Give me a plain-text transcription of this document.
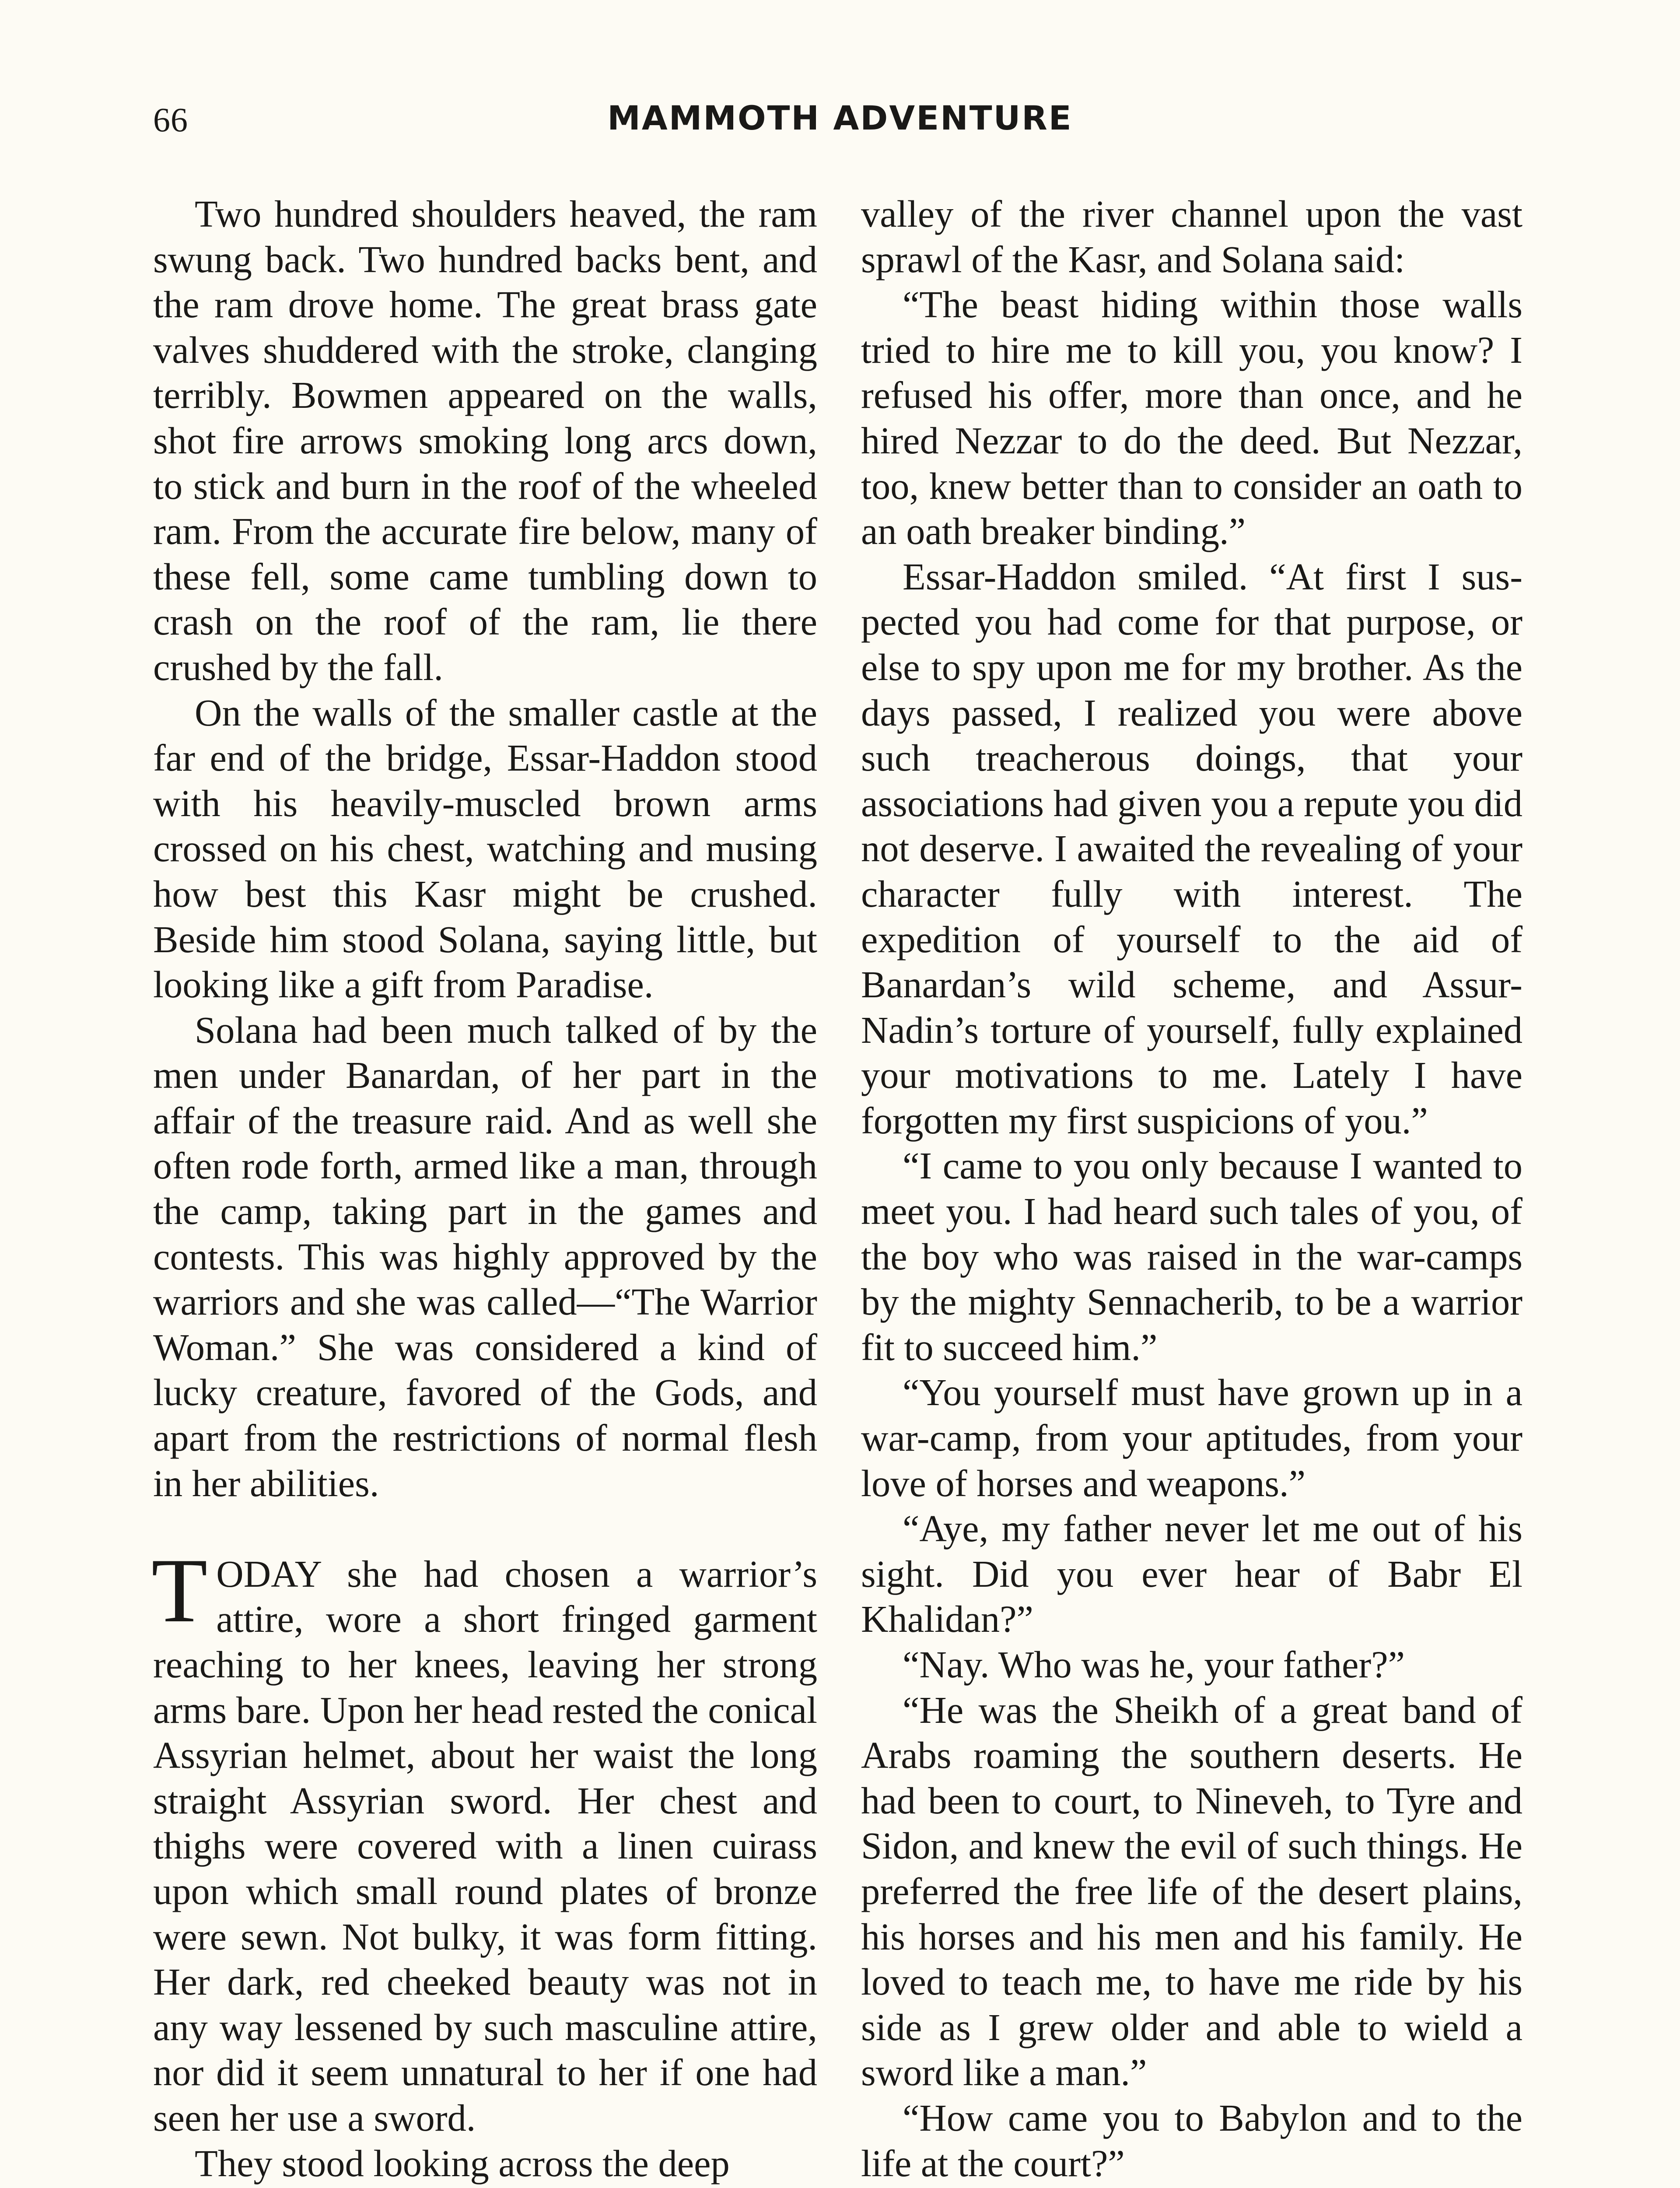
66	MAMMOTH ADVENTURE

Two hundred shoulders heaved, the ram swung back. Two hundred backs bent, and the ram drove home. The great brass gate valves shuddered with the stroke, clanging terribly. Bowmen appeared on the walls, shot fire arrows smoking long arcs down, to stick and burn in the roof of the wheeled ram. From the accurate fire below, many of these fell, some came tumbling down to crash on the roof of the ram, lie there crushed by the fall.

On the walls of the smaller castle at the far end of the bridge, Essar-Haddon stood with his heavily-muscled brown arms crossed on his chest, watching and musing how best this Kasr might be crushed. Beside him stood Solana, saying little, but looking like a gift from Paradise.

Solana had been much talked of by the men under Banardan, of her part in the affair of the treasure raid. And as well she often rode forth, armed like a man, through the camp, taking part in the games and contests. This was highly approved by the warriors and she was called—“The Warrior Woman.” She was considered a kind of lucky creature, favored of the Gods, and apart from the restrictions of normal flesh in her abilities.

TODAY she had chosen a warrior’s attire, wore a short fringed garment reaching to her knees, leaving her strong arms bare. Upon her head rested the conical Assyrian helmet, about her waist the long straight Assyrian sword. Her chest and thighs were covered with a linen cuirass upon which small round plates of bronze were sewn. Not bulky, it was form fitting. Her dark, red cheeked beauty was not in any way lessened by such masculine attire, nor did it seem unnatural to her if one had seen her use a sword.

They stood looking across the deep

valley of the river channel upon the vast sprawl of the Kasr, and Solana said:

“The beast hiding within those walls tried to hire me to kill you, you know? I refused his offer, more than once, and he hired Nezzar to do the deed. But Nezzar, too, knew better than to consider an oath to an oath breaker binding.”

Essar-Haddon smiled. “At first I suspected you had come for that purpose, or else to spy upon me for my brother. As the days passed, I realized you were above such treacherous doings, that your associations had given you a repute you did not deserve. I awaited the revealing of your character fully with interest. The expedition of yourself to the aid of Banardan’s wild scheme, and Assur-Nadin’s torture of yourself, fully explained your motivations to me. Lately I have forgotten my first suspicions of you.”

“I came to you only because I wanted to meet you. I had heard such tales of you, of the boy who was raised in the war-camps by the mighty Sennacherib, to be a warrior fit to succeed him.”

“You yourself must have grown up in a war-camp, from your aptitudes, from your love of horses and weapons.”

“Aye, my father never let me out of his sight. Did you ever hear of Babr El Khalidan?”

“Nay. Who was he, your father?”

“He was the Sheikh of a great band of Arabs roaming the southern deserts. He had been to court, to Nineveh, to Tyre and Sidon, and knew the evil of such things. He preferred the free life of the desert plains, his horses and his men and his family. He loved to teach me, to have me ride by his side as I grew older and able to wield a sword like a man.”

“How came you to Babylon and to the life at the court?”
